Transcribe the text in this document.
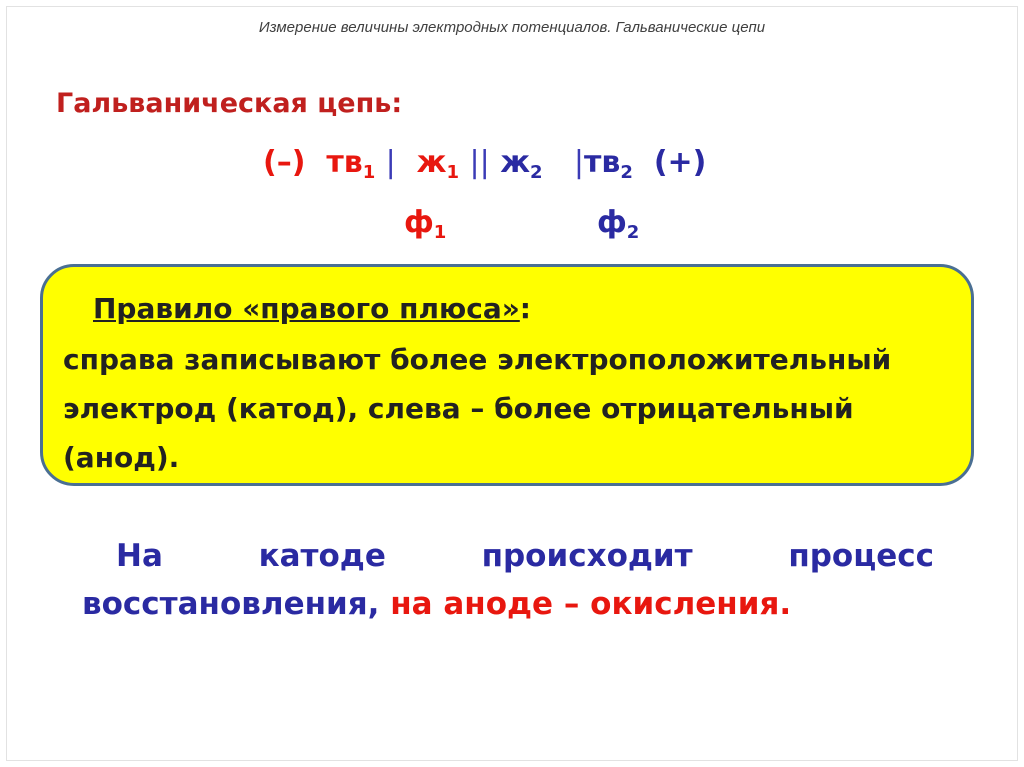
Измерение величины электродных потенциалов. Гальванические цепи
Гальваническая цепь:
(–) $тв_1$ | $ж_1$ || $ж_2$ $|тв_2$ (+)
$ф_1$	$ф_2$
Правило «правого плюса»:
справа записывают более электроположительный
электрод (катод), слева – более отрицательный
(анод).
На	катоде	происходит	процесс
восстановления, на аноде – окисления.
